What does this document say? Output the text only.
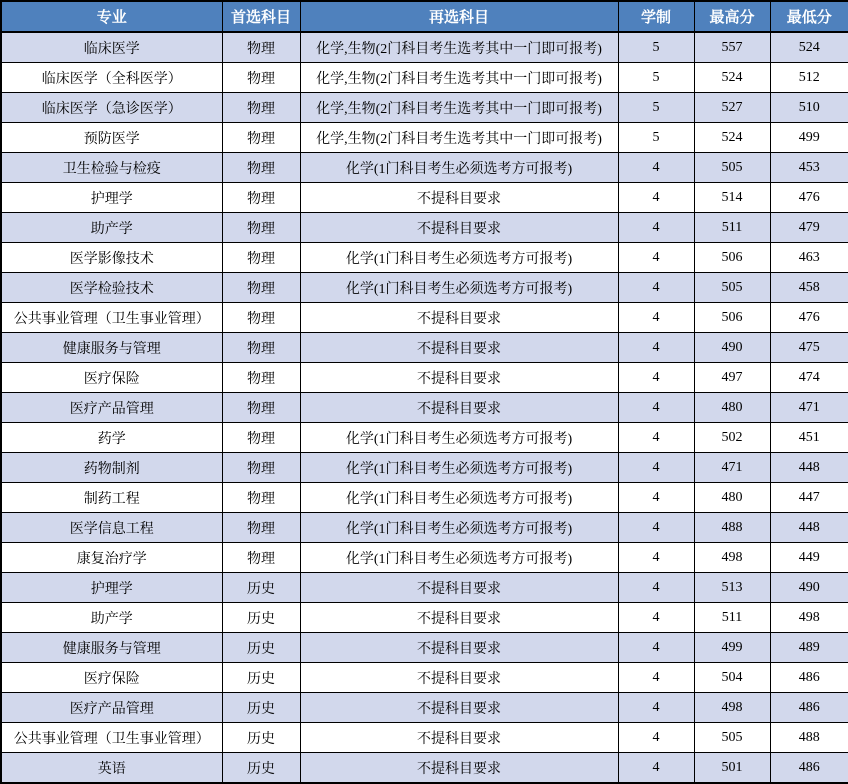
专业	首选科目	再选科目	学制	最高分	最低分
临床医学	物理	化学,生物(2门科目考生选考其中一门即可报考)	5	557	524
临床医学（全科医学）	物理	化学,生物(2门科目考生选考其中一门即可报考)	5	524	512
临床医学（急诊医学）	物理	化学,生物(2门科目考生选考其中一门即可报考)	5	527	510
预防医学	物理	化学,生物(2门科目考生选考其中一门即可报考)	5	524	499
卫生检验与检疫	物理	化学(1门科目考生必须选考方可报考)	4	505	453
护理学	物理	不提科目要求	4	514	476
助产学	物理	不提科目要求	4	511	479
医学影像技术	物理	化学(1门科目考生必须选考方可报考)	4	506	463
医学检验技术	物理	化学(1门科目考生必须选考方可报考)	4	505	458
公共事业管理（卫生事业管理）	物理	不提科目要求	4	506	476
健康服务与管理	物理	不提科目要求	4	490	475
医疗保险	物理	不提科目要求	4	497	474
医疗产品管理	物理	不提科目要求	4	480	471
药学	物理	化学(1门科目考生必须选考方可报考)	4	502	451
药物制剂	物理	化学(1门科目考生必须选考方可报考)	4	471	448
制药工程	物理	化学(1门科目考生必须选考方可报考)	4	480	447
医学信息工程	物理	化学(1门科目考生必须选考方可报考)	4	488	448
康复治疗学	物理	化学(1门科目考生必须选考方可报考)	4	498	449
护理学	历史	不提科目要求	4	513	490
助产学	历史	不提科目要求	4	511	498
健康服务与管理	历史	不提科目要求	4	499	489
医疗保险	历史	不提科目要求	4	504	486
医疗产品管理	历史	不提科目要求	4	498	486
公共事业管理（卫生事业管理）	历史	不提科目要求	4	505	488
英语	历史	不提科目要求	4	501	486
